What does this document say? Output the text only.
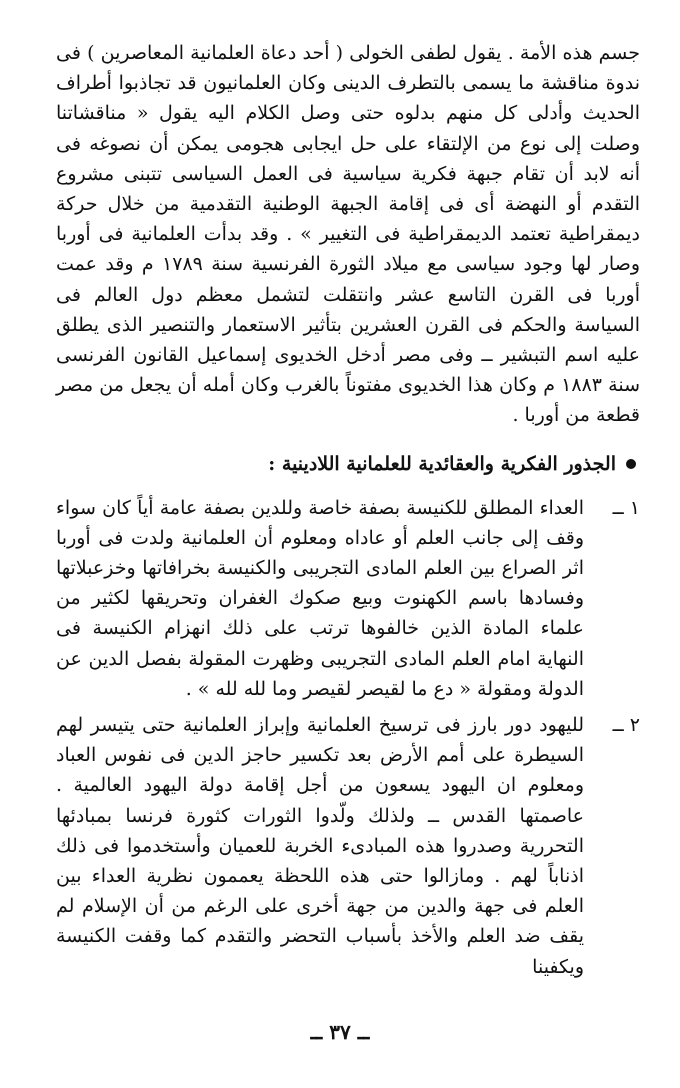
جسم هذه الأمة . يقول لطفى الخولى ( أحد دعاة العلمانية المعاصرين ) فى ندوة مناقشة ما يسمى بالتطرف الدينى وكان العلمانيون قد تجاذبوا أطراف الحديث وأدلى كل منهم بدلوه حتى وصل الكلام اليه يقول « مناقشاتنا وصلت إلى نوع من الإلتقاء على حل ايجابى هجومى يمكن أن نصوغه فى أنه لابد أن تقام جبهة فكرية سياسية فى العمل السياسى تتبنى مشروع التقدم أو النهضة أى فى إقامة الجبهة الوطنية التقدمية من خلال حركة ديمقراطية تعتمد الديمقراطية فى التغيير » . وقد بدأت العلمانية فى أوربا وصار لها وجود سياسى مع ميلاد الثورة الفرنسية سنة ١٧٨٩ م وقد عمت أوربا فى القرن التاسع عشر وانتقلت لتشمل معظم دول العالم فى السياسة والحكم فى القرن العشرين بتأثير الاستعمار والتنصير الذى يطلق عليه اسم التبشير ــ وفى مصر أدخل الخديوى إسماعيل القانون الفرنسى سنة ١٨٨٣ م وكان هذا الخديوى مفتوناً بالغرب وكان أمله أن يجعل من مصر قطعة من أوربا .

الجذور الفكرية والعقائدية للعلمانية اللادينية :
١ ــ

العداء المطلق للكنيسة بصفة خاصة وللدين بصفة عامة أياً كان سواء وقف إلى جانب العلم أو عاداه ومعلوم أن العلمانية ولدت فى أوربا اثر الصراع بين العلم المادى التجريبى والكنيسة بخرافاتها وخزعبلاتها وفسادها باسم الكهنوت وبيع صكوك الغفران وتحريقها لكثير من علماء المادة الذين خالفوها ترتب على ذلك انهزام الكنيسة فى النهاية امام العلم المادى التجريبى وظهرت المقولة بفصل الدين عن الدولة ومقولة « دع ما لقيصر لقيصر وما لله لله » .

٢ ــ

لليهود دور بارز فى ترسيخ العلمانية وإبراز العلمانية حتى يتيسر لهم السيطرة على أمم الأرض بعد تكسير حاجز الدين فى نفوس العباد ومعلوم ان اليهود يسعون من أجل إقامة دولة اليهود العالمية . عاصمتها القدس ــ ولذلك ولّدوا الثورات كثورة فرنسا بمبادئها التحررية وصدروا هذه المبادىء الخربة للعميان وأستخدموا فى ذلك اذناباً لهم . ومازالوا حتى هذه اللحظة يعممون نظرية العداء بين العلم فى جهة والدين من جهة أخرى على الرغم من أن الإسلام لم يقف ضد العلم والأخذ بأسباب التحضر والتقدم كما وقفت الكنيسة ويكفينا

ــ ٣٧ ــ
